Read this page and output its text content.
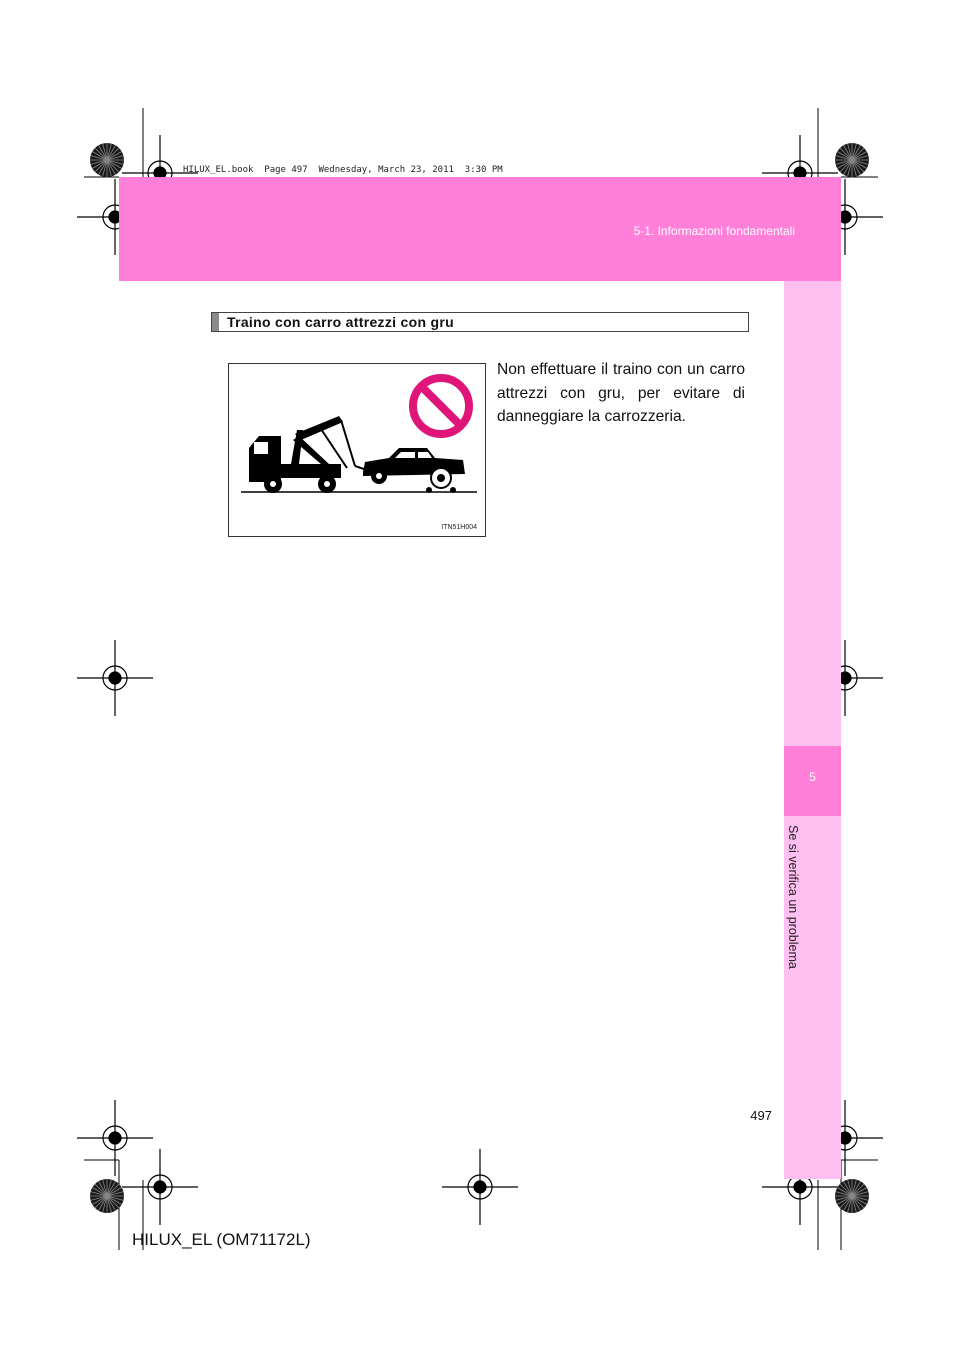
HILUX_EL.book  Page 497  Wednesday, March 23, 2011  3:30 PM
5-1. Informazioni fondamentali
5
Se si verifica un problema
Traino con carro attrezzi con gru
ITN51H004
Non effettuare il traino con un carro attrezzi con gru, per evitare di danneggiare la carrozzeria.
497
HILUX_EL (OM71172L)
